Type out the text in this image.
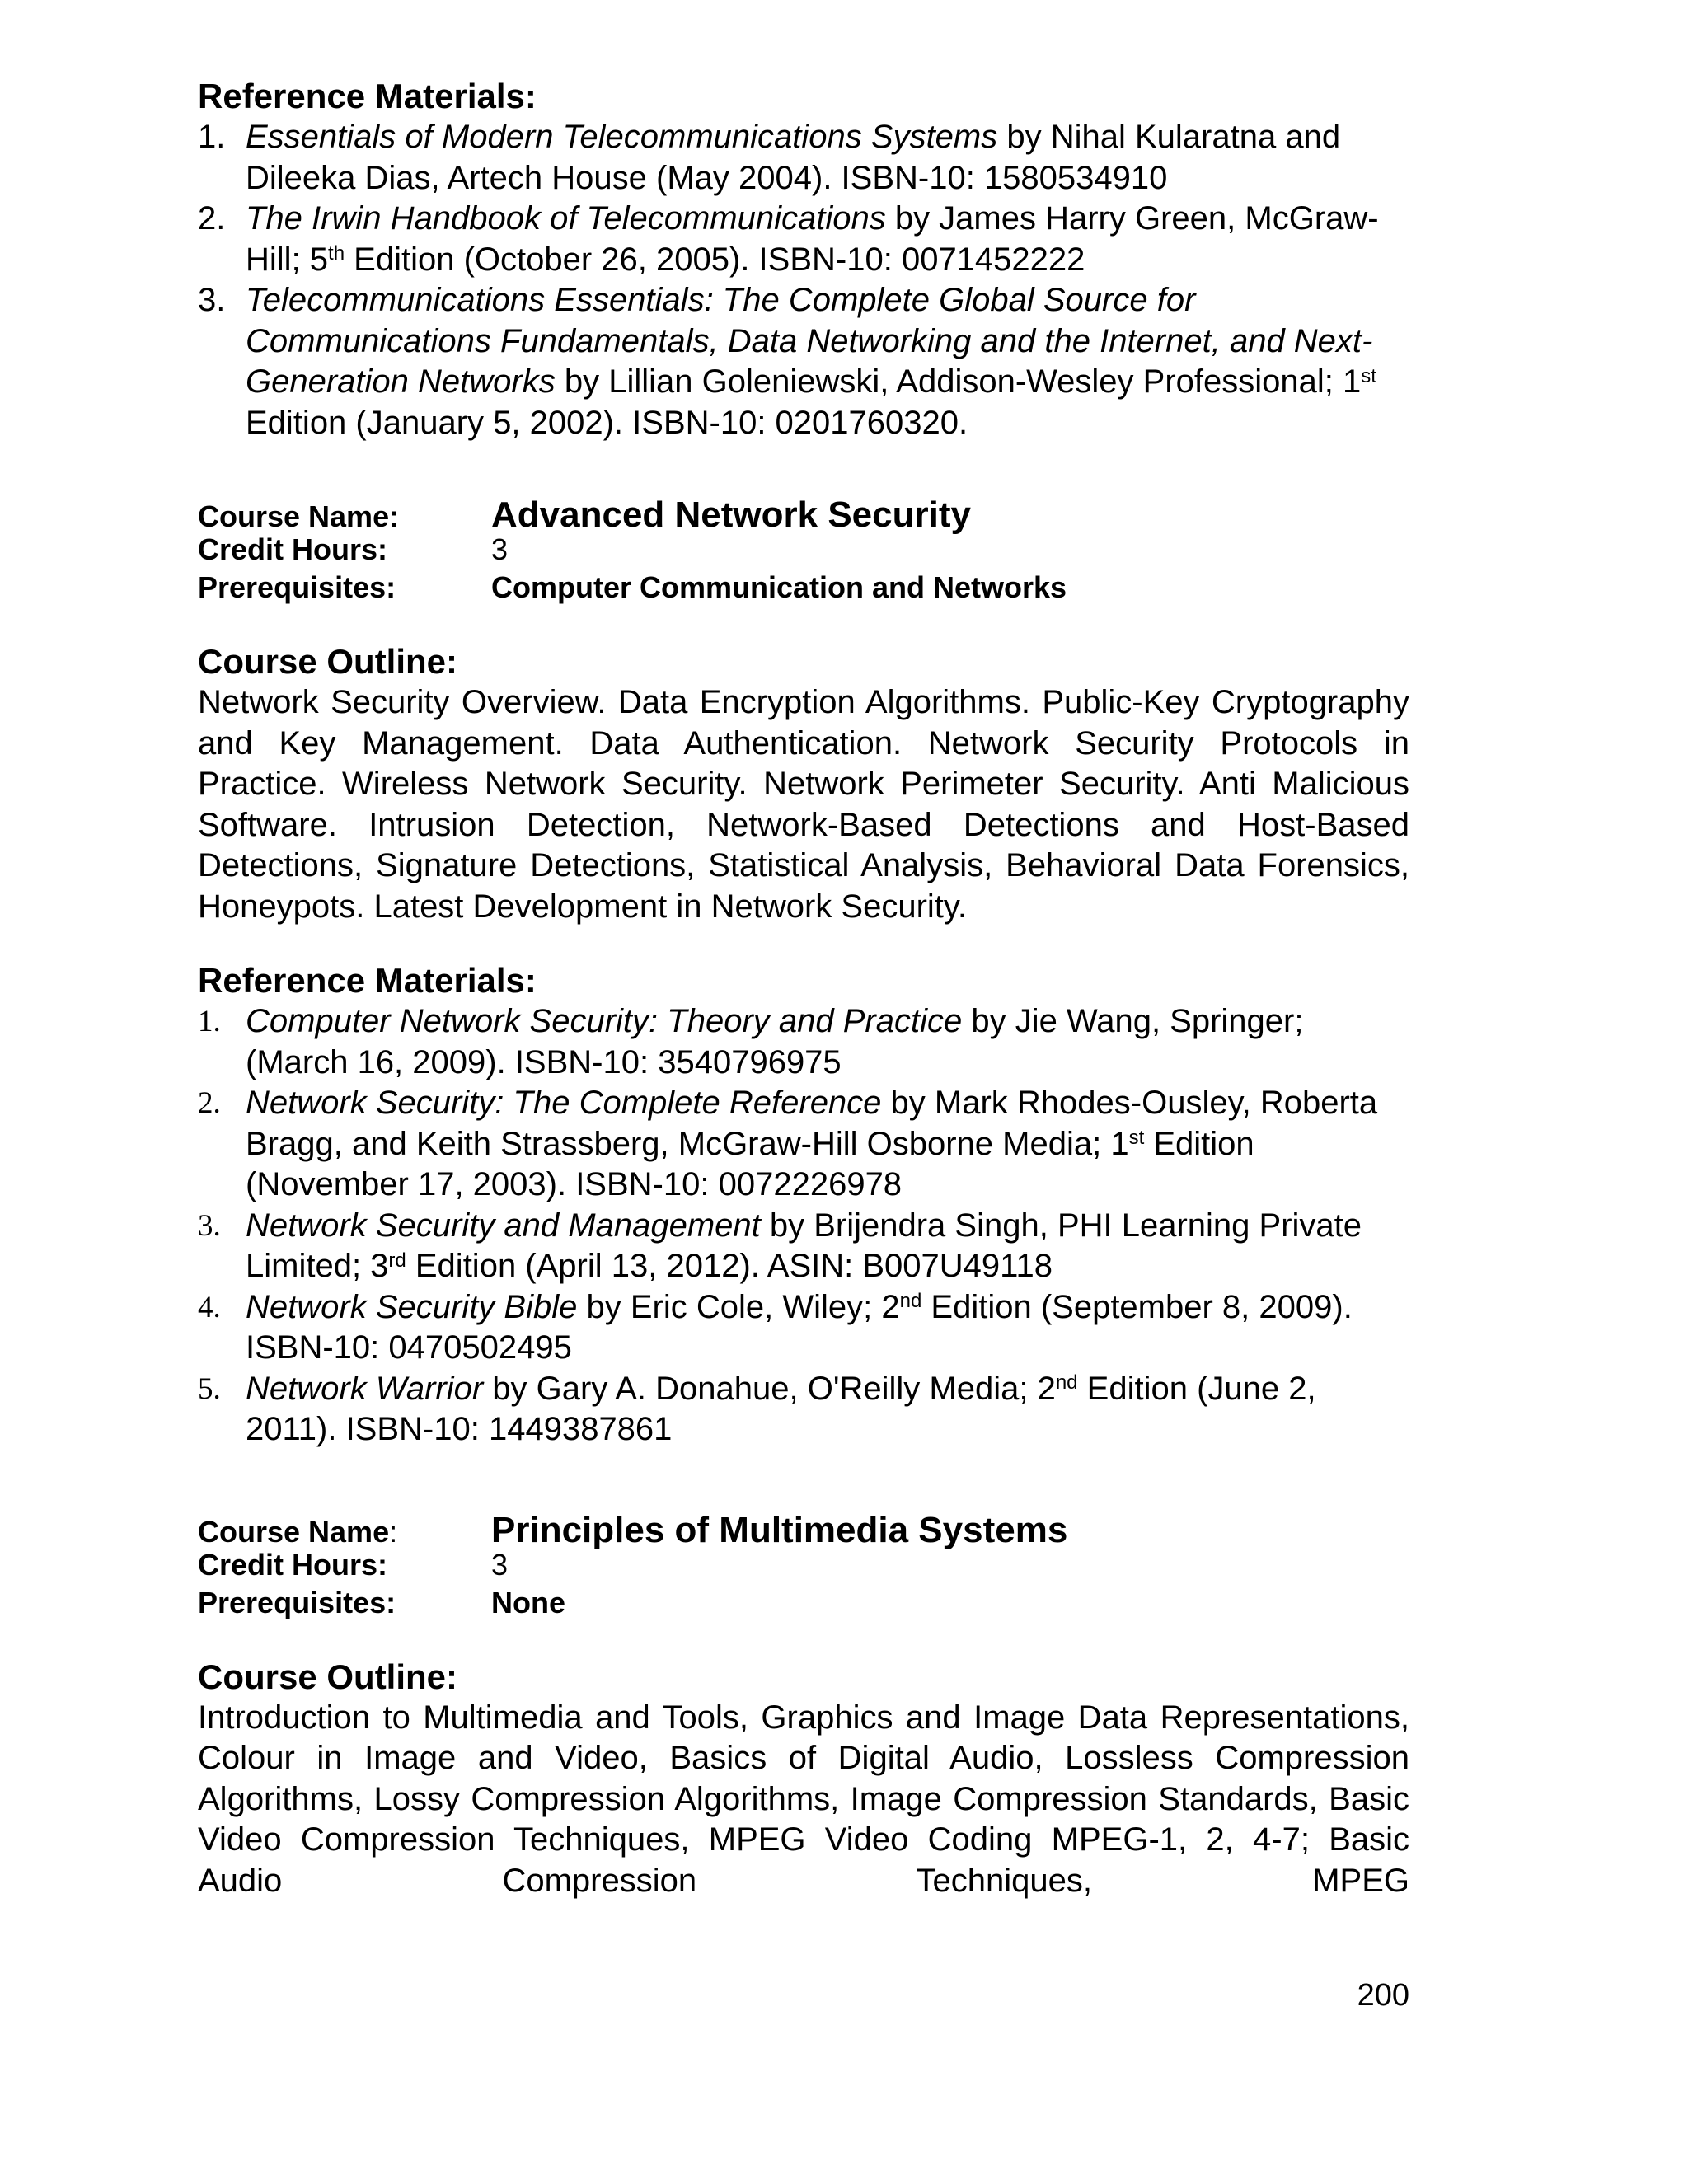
Reference Materials:
1. Essentials of Modern Telecommunications Systems by Nihal Kularatna and Dileeka Dias, Artech House (May 2004). ISBN-10: 1580534910
2. The Irwin Handbook of Telecommunications by James Harry Green, McGraw-Hill; 5th Edition (October 26, 2005). ISBN-10: 0071452222
3. Telecommunications Essentials: The Complete Global Source for Communications Fundamentals, Data Networking and the Internet, and Next-Generation Networks by Lillian Goleniewski, Addison-Wesley Professional; 1st Edition (January 5, 2002). ISBN-10: 0201760320.
Course Name:	Advanced Network Security
Credit Hours:	3
Prerequisites:	Computer Communication and Networks
Course Outline:

Network Security Overview. Data Encryption Algorithms. Public-Key Cryptography and Key Management. Data Authentication. Network Security Protocols in Practice. Wireless Network Security. Network Perimeter Security. Anti Malicious Software. Intrusion Detection, Network-Based Detections and Host-Based Detections, Signature Detections, Statistical Analysis, Behavioral Data Forensics, Honeypots. Latest Development in Network Security.

Reference Materials:
1. Computer Network Security: Theory and Practice by Jie Wang, Springer; (March 16, 2009). ISBN-10: 3540796975
2. Network Security: The Complete Reference by Mark Rhodes-Ousley, Roberta Bragg, and Keith Strassberg, McGraw-Hill Osborne Media; 1st Edition (November 17, 2003). ISBN-10: 0072226978
3. Network Security and Management by Brijendra Singh, PHI Learning Private Limited; 3rd Edition (April 13, 2012). ASIN: B007U49118
4. Network Security Bible by Eric Cole, Wiley; 2nd Edition (September 8, 2009). ISBN-10: 0470502495
5. Network Warrior by Gary A. Donahue, O'Reilly Media; 2nd Edition (June 2, 2011). ISBN-10: 1449387861
Course Name:	Principles of Multimedia Systems
Credit Hours:	3
Prerequisites:	None
Course Outline:

Introduction to Multimedia and Tools, Graphics and Image Data Representations, Colour in Image and Video, Basics of Digital Audio, Lossless Compression Algorithms, Lossy Compression Algorithms, Image Compression Standards, Basic Video Compression Techniques, MPEG Video Coding MPEG-1, 2, 4-7; Basic Audio Compression Techniques, MPEG

200
